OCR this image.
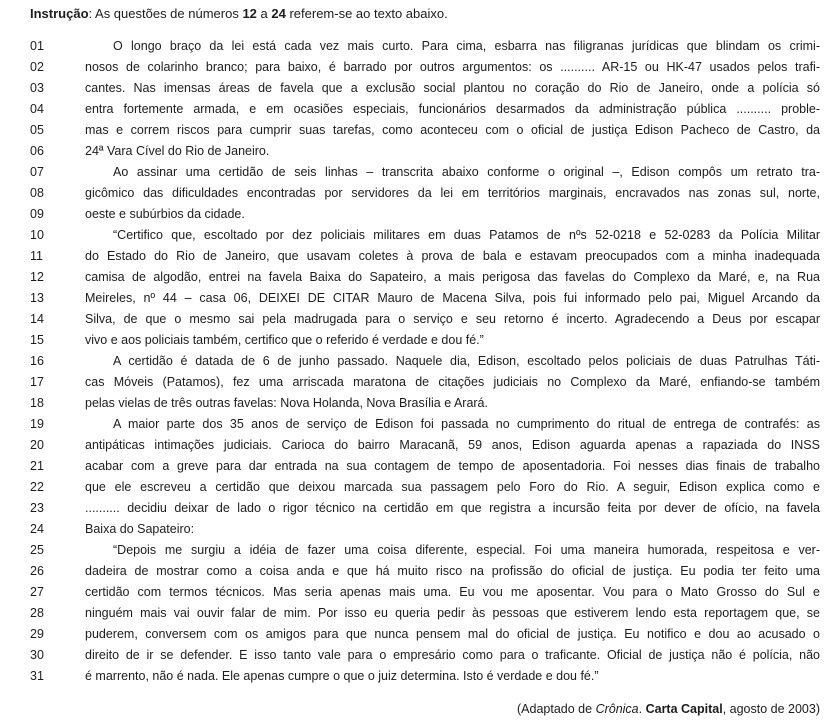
Instrução: As questões de números 12 a 24 referem-se ao texto abaixo.
01	O longo braço da lei está cada vez mais curto. Para cima, esbarra nas filigranas jurídicas que blindam os crimi-
02	nosos de colarinho branco; para baixo, é barrado por outros argumentos: os .......... AR-15 ou HK-47 usados pelos trafi-
03	cantes. Nas imensas áreas de favela que a exclusão social plantou no coração do Rio de Janeiro, onde a polícia só
04	entra fortemente armada, e em ocasiões especiais, funcionários desarmados da administração pública .......... proble-
05	mas e correm riscos para cumprir suas tarefas, como aconteceu com o oficial de justiça Edison Pacheco de Castro, da
06	24ª Vara Cível do Rio de Janeiro.
07	Ao assinar uma certidão de seis linhas – transcrita abaixo conforme o original –, Edison compôs um retrato tra-
08	gicômico das dificuldades encontradas por servidores da lei em territórios marginais, encravados nas zonas sul, norte,
09	oeste e subúrbios da cidade.
10	“Certifico que, escoltado por dez policiais militares em duas Patamos de nºs 52-0218 e 52-0283 da Polícia Militar
11	do Estado do Rio de Janeiro, que usavam coletes à prova de bala e estavam preocupados com a minha inadequada
12	camisa de algodão, entrei na favela Baixa do Sapateiro, a mais perigosa das favelas do Complexo da Maré, e, na Rua
13	Meireles, nº 44 – casa 06, DEIXEI DE CITAR Mauro de Macena Silva, pois fui informado pelo pai, Miguel Arcando da
14	Silva, de que o mesmo sai pela madrugada para o serviço e seu retorno é incerto. Agradecendo a Deus por escapar
15	vivo e aos policiais também, certifico que o referido é verdade e dou fé.”
16	A certidão é datada de 6 de junho passado. Naquele dia, Edison, escoltado pelos policiais de duas Patrulhas Táti-
17	cas Móveis (Patamos), fez uma arriscada maratona de citações judiciais no Complexo da Maré, enfiando-se também
18	pelas vielas de três outras favelas: Nova Holanda, Nova Brasília e Arará.
19	A maior parte dos 35 anos de serviço de Edison foi passada no cumprimento do ritual de entrega de contrafés: as
20	antipáticas intimações judiciais. Carioca do bairro Maracanã, 59 anos, Edison aguarda apenas a rapaziada do INSS
21	acabar com a greve para dar entrada na sua contagem de tempo de aposentadoria. Foi nesses dias finais de trabalho
22	que ele escreveu a certidão que deixou marcada sua passagem pelo Foro do Rio. A seguir, Edison explica como e
23	.......... decidiu deixar de lado o rigor técnico na certidão em que registra a incursão feita por dever de ofício, na favela
24	Baixa do Sapateiro:
25	“Depois me surgiu a idéia de fazer uma coisa diferente, especial. Foi uma maneira humorada, respeitosa e ver-
26	dadeira de mostrar como a coisa anda e que há muito risco na profissão do oficial de justiça. Eu podia ter feito uma
27	certidão com termos técnicos. Mas seria apenas mais uma. Eu vou me aposentar. Vou para o Mato Grosso do Sul e
28	ninguém mais vai ouvir falar de mim. Por isso eu queria pedir às pessoas que estiverem lendo esta reportagem que, se
29	puderem, conversem com os amigos para que nunca pensem mal do oficial de justiça. Eu notifico e dou ao acusado o
30	direito de ir se defender. E isso tanto vale para o empresário como para o traficante. Oficial de justiça não é polícia, não
31	é marrento, não é nada. Ele apenas cumpre o que o juiz determina. Isto é verdade e dou fé.”
(Adaptado de Crônica. Carta Capital, agosto de 2003)
